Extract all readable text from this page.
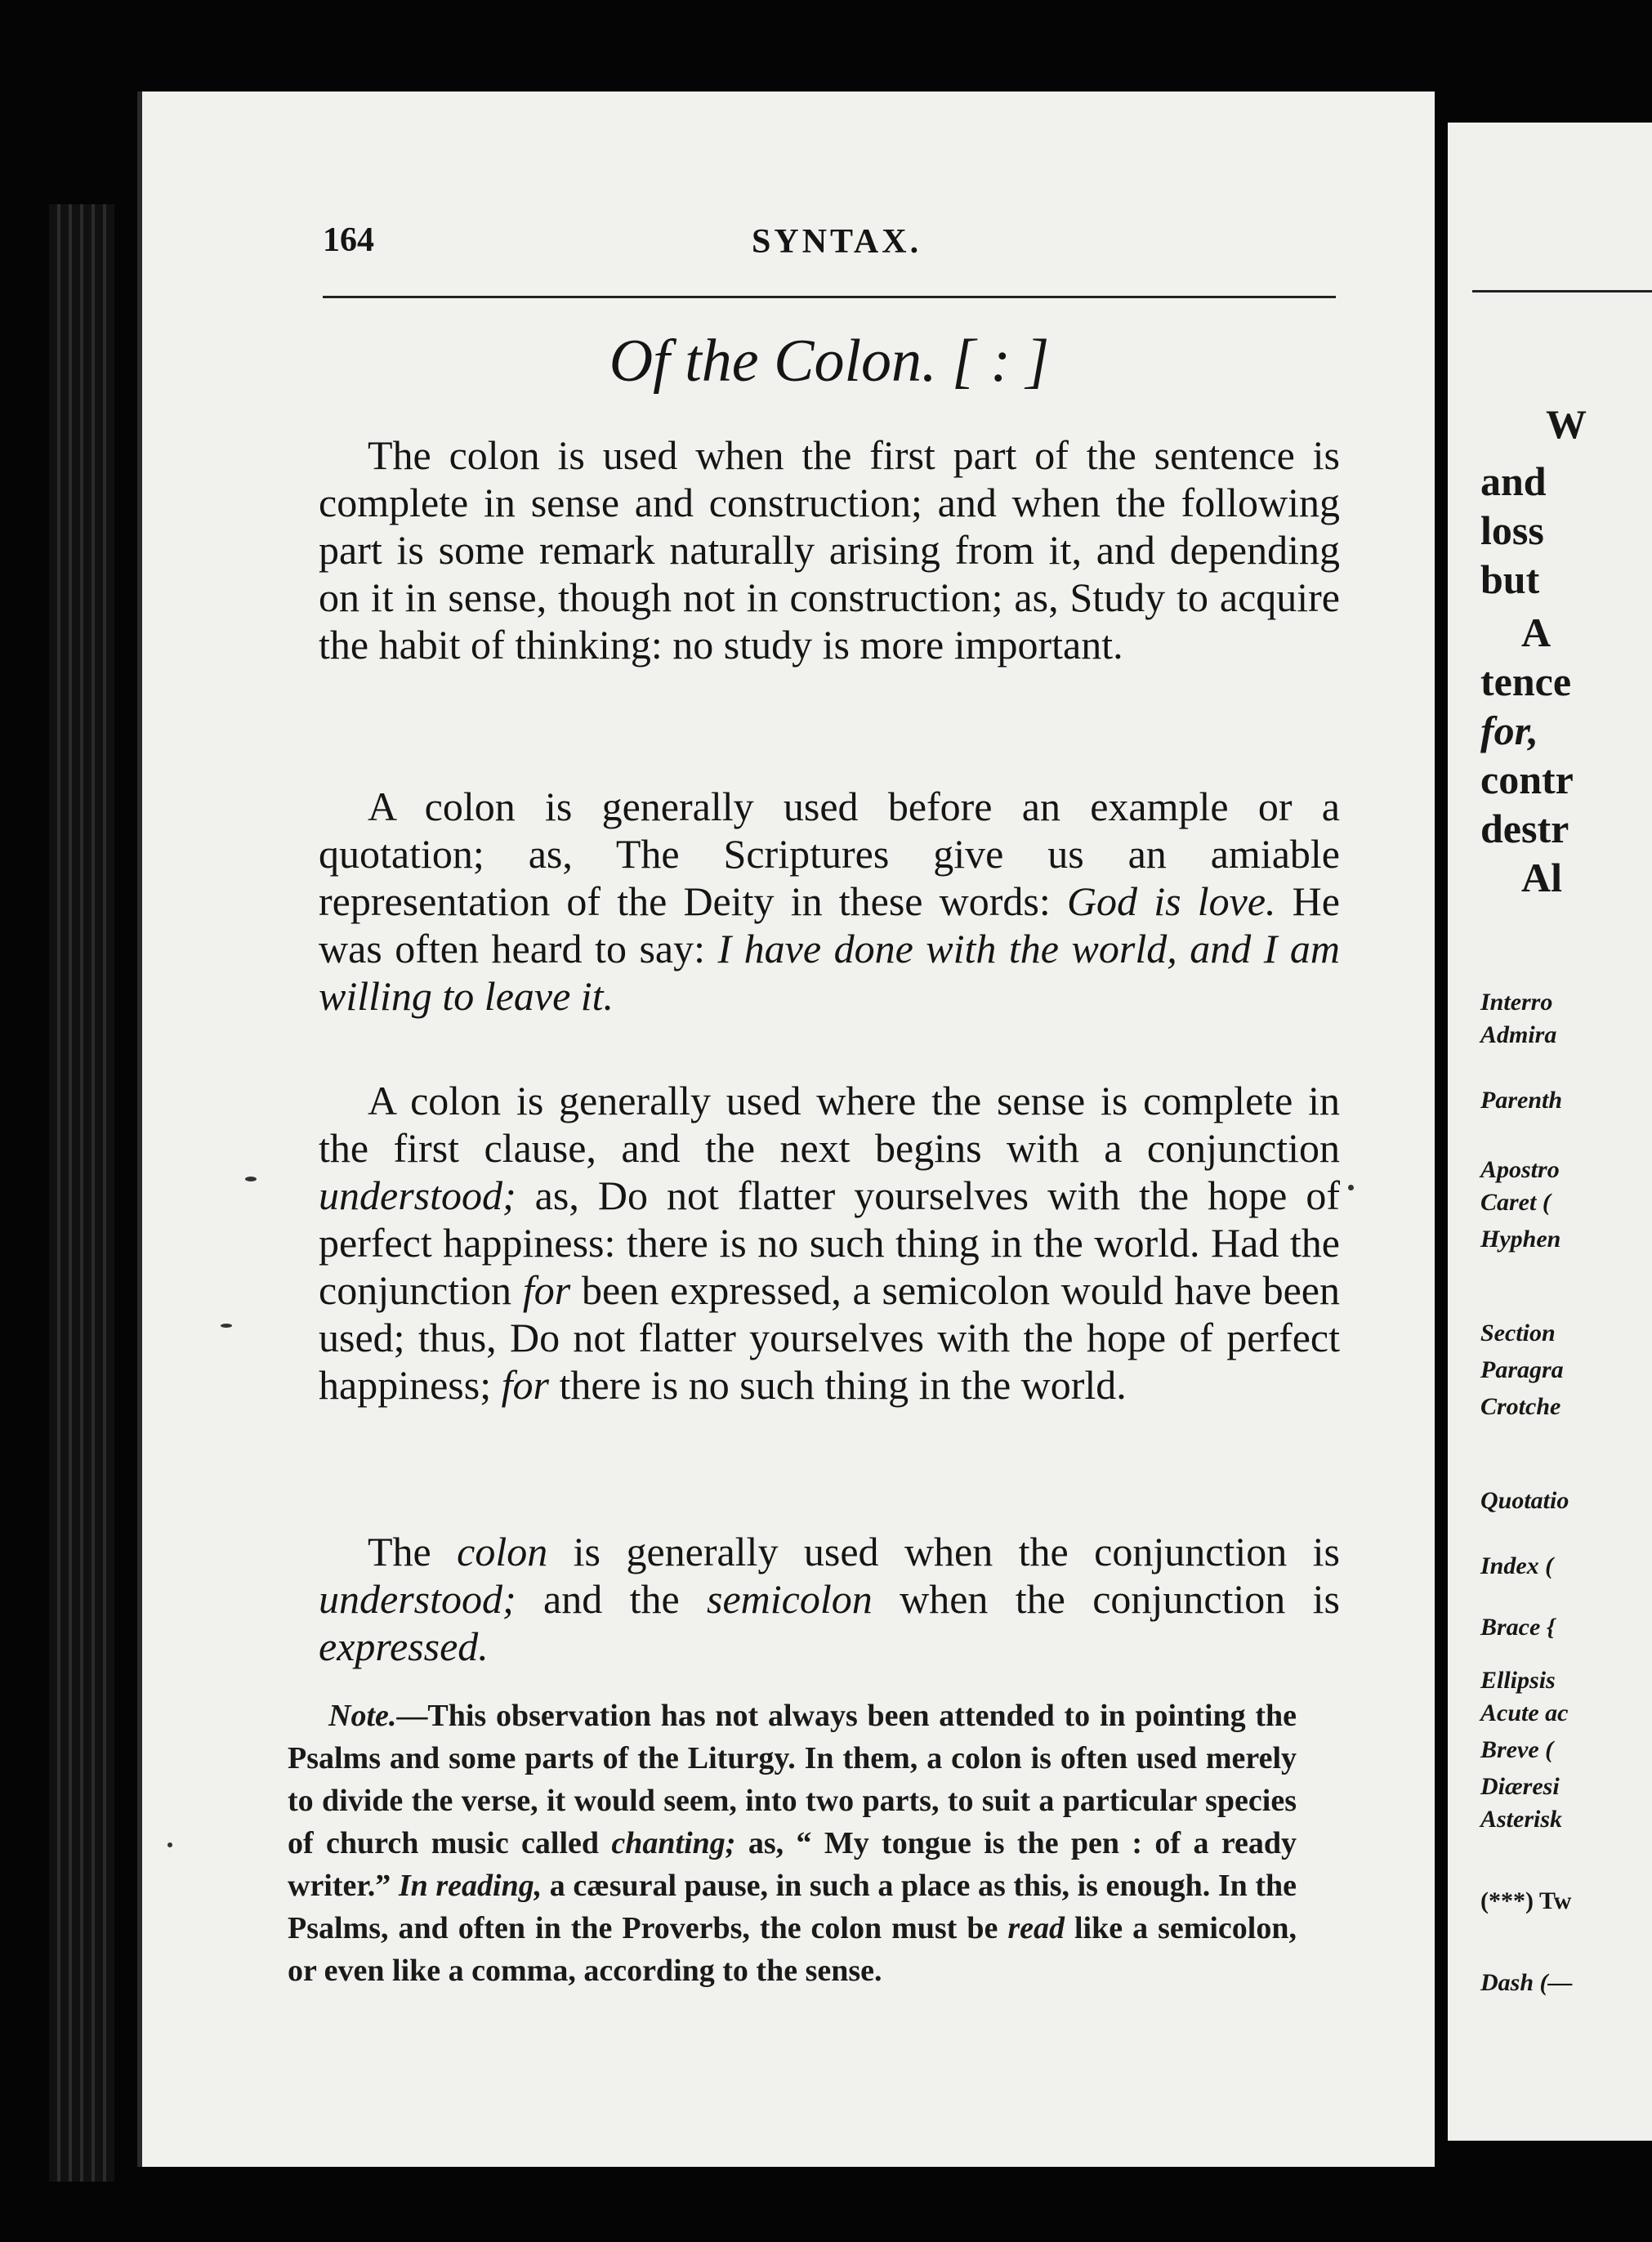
164	SYNTAX.
Of the Colon. [ : ]

The colon is used when the first part of the sentence is complete in sense and construction; and when the following part is some remark naturally arising from it, and depending on it in sense, though not in construction; as, Study to acquire the habit of thinking: no study is more important.

A colon is generally used before an example or a quotation; as, The Scriptures give us an amiable representation of the Deity in these words: God is love. He was often heard to say: I have done with the world, and I am willing to leave it.

A colon is generally used where the sense is complete in the first clause, and the next begins with a conjunction understood; as, Do not flatter yourselves with the hope of perfect happiness: there is no such thing in the world. Had the conjunction for been expressed, a semicolon would have been used; thus, Do not flatter yourselves with the hope of perfect happiness; for there is no such thing in the world.

The colon is generally used when the conjunction is understood; and the semicolon when the conjunction is expressed.

Note.—This observation has not always been attended to in pointing the Psalms and some parts of the Liturgy. In them, a colon is often used merely to divide the verse, it would seem, into two parts, to suit a particular species of church music called chanting; as, “ My tongue is the pen : of a ready writer.” In reading, a cæsural pause, in such a place as this, is enough. In the Psalms, and often in the Proverbs, the colon must be read like a semicolon, or even like a comma, according to the sense.

W
and
loss
but
A
tence
for,
contr
destr
Al
Interro
Admira
Parenth
Apostro
Caret (
Hyphen
Section
Paragra
Crotche
Quotatio
Index (
Brace {
Ellipsis
Acute ac
Breve (
Diæresi
Asterisk
(***) Tw
Dash (—
